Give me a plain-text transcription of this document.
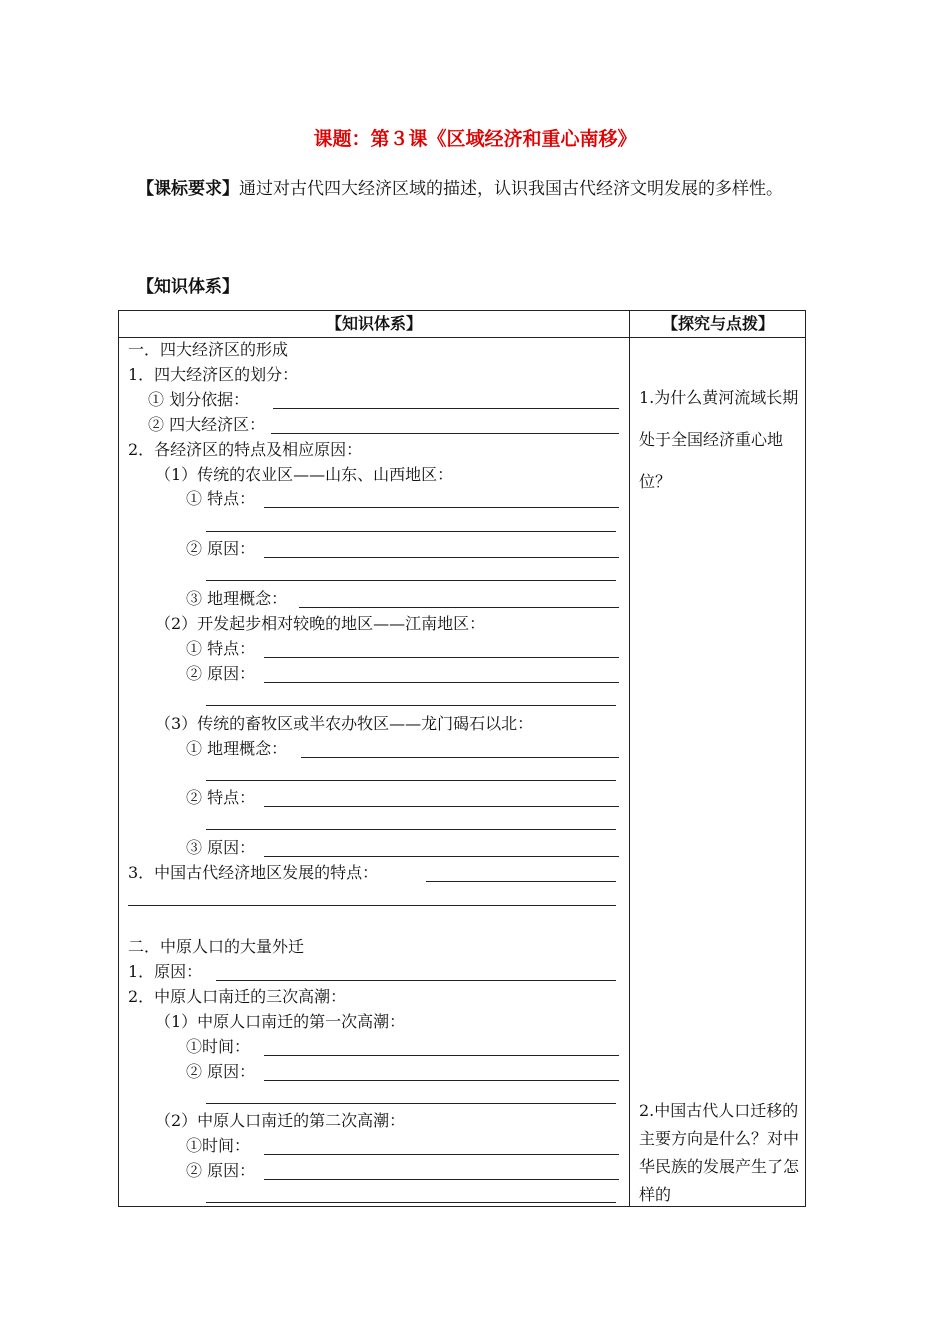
课题：第３课《区域经济和重心南移》
【课标要求】通过对古代四大经济区域的描述，认识我国古代经济文明发展的多样性。
【知识体系】
【知识体系】	【探究与点拨】
一．四大经济区的形成
1．四大经济区的划分：
① 划分依据：
② 四大经济区：
2．各经济区的特点及相应原因：
（1）传统的农业区——山东、山西地区：
① 特点：
② 原因：
③ 地理概念：
（2）开发起步相对较晚的地区——江南地区：
① 特点：
② 原因：
（3）传统的畜牧区或半农办牧区——龙门碣石以北：
① 地理概念：
② 特点：
③ 原因：
3．中国古代经济地区发展的特点：
二．中原人口的大量外迁
1．原因：
2．中原人口南迁的三次高潮：
（1）中原人口南迁的第一次高潮：
①时间：
② 原因：
（2）中原人口南迁的第二次高潮：
①时间：
② 原因：
1.为什么黄河流域长期处于全国经济重心地位？
2.中国古代人口迁移的主要方向是什么？对中华民族的发展产生了怎样的
